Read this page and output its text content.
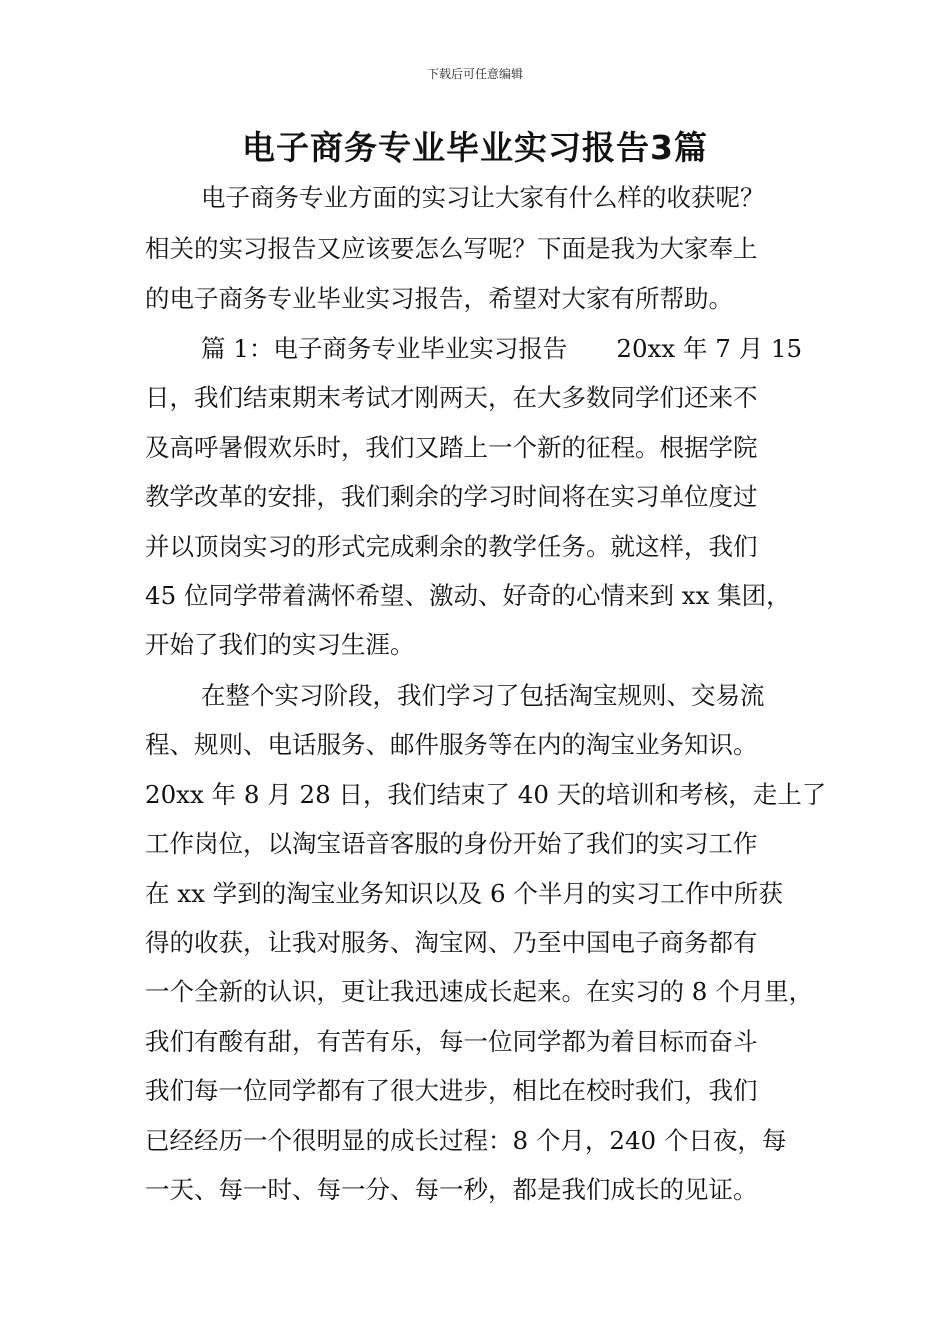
下载后可任意编辑
电子商务专业毕业实习报告3篇
电子商务专业方面的实习让大家有什么样的收获呢？
相关的实习报告又应该要怎么写呢？下面是我为大家奉上
的电子商务专业毕业实习报告，希望对大家有所帮助。
篇 1：电子商务专业毕业实习报告　　20xx 年 7 月 15
日，我们结束期末考试才刚两天，在大多数同学们还来不
及高呼暑假欢乐时，我们又踏上一个新的征程。根据学院
教学改革的安排，我们剩余的学习时间将在实习单位度过
并以顶岗实习的形式完成剩余的教学任务。就这样，我们
45 位同学带着满怀希望、激动、好奇的心情来到 xx 集团，
开始了我们的实习生涯。
在整个实习阶段，我们学习了包括淘宝规则、交易流
程、规则、电话服务、邮件服务等在内的淘宝业务知识。
20xx 年 8 月 28 日，我们结束了 40 天的培训和考核，走上了
工作岗位，以淘宝语音客服的身份开始了我们的实习工作
在 xx 学到的淘宝业务知识以及 6 个半月的实习工作中所获
得的收获，让我对服务、淘宝网、乃至中国电子商务都有
一个全新的认识，更让我迅速成长起来。在实习的 8 个月里，
我们有酸有甜，有苦有乐，每一位同学都为着目标而奋斗
我们每一位同学都有了很大进步，相比在校时我们，我们
已经经历一个很明显的成长过程：8 个月，240 个日夜，每
一天、每一时、每一分、每一秒，都是我们成长的见证。
